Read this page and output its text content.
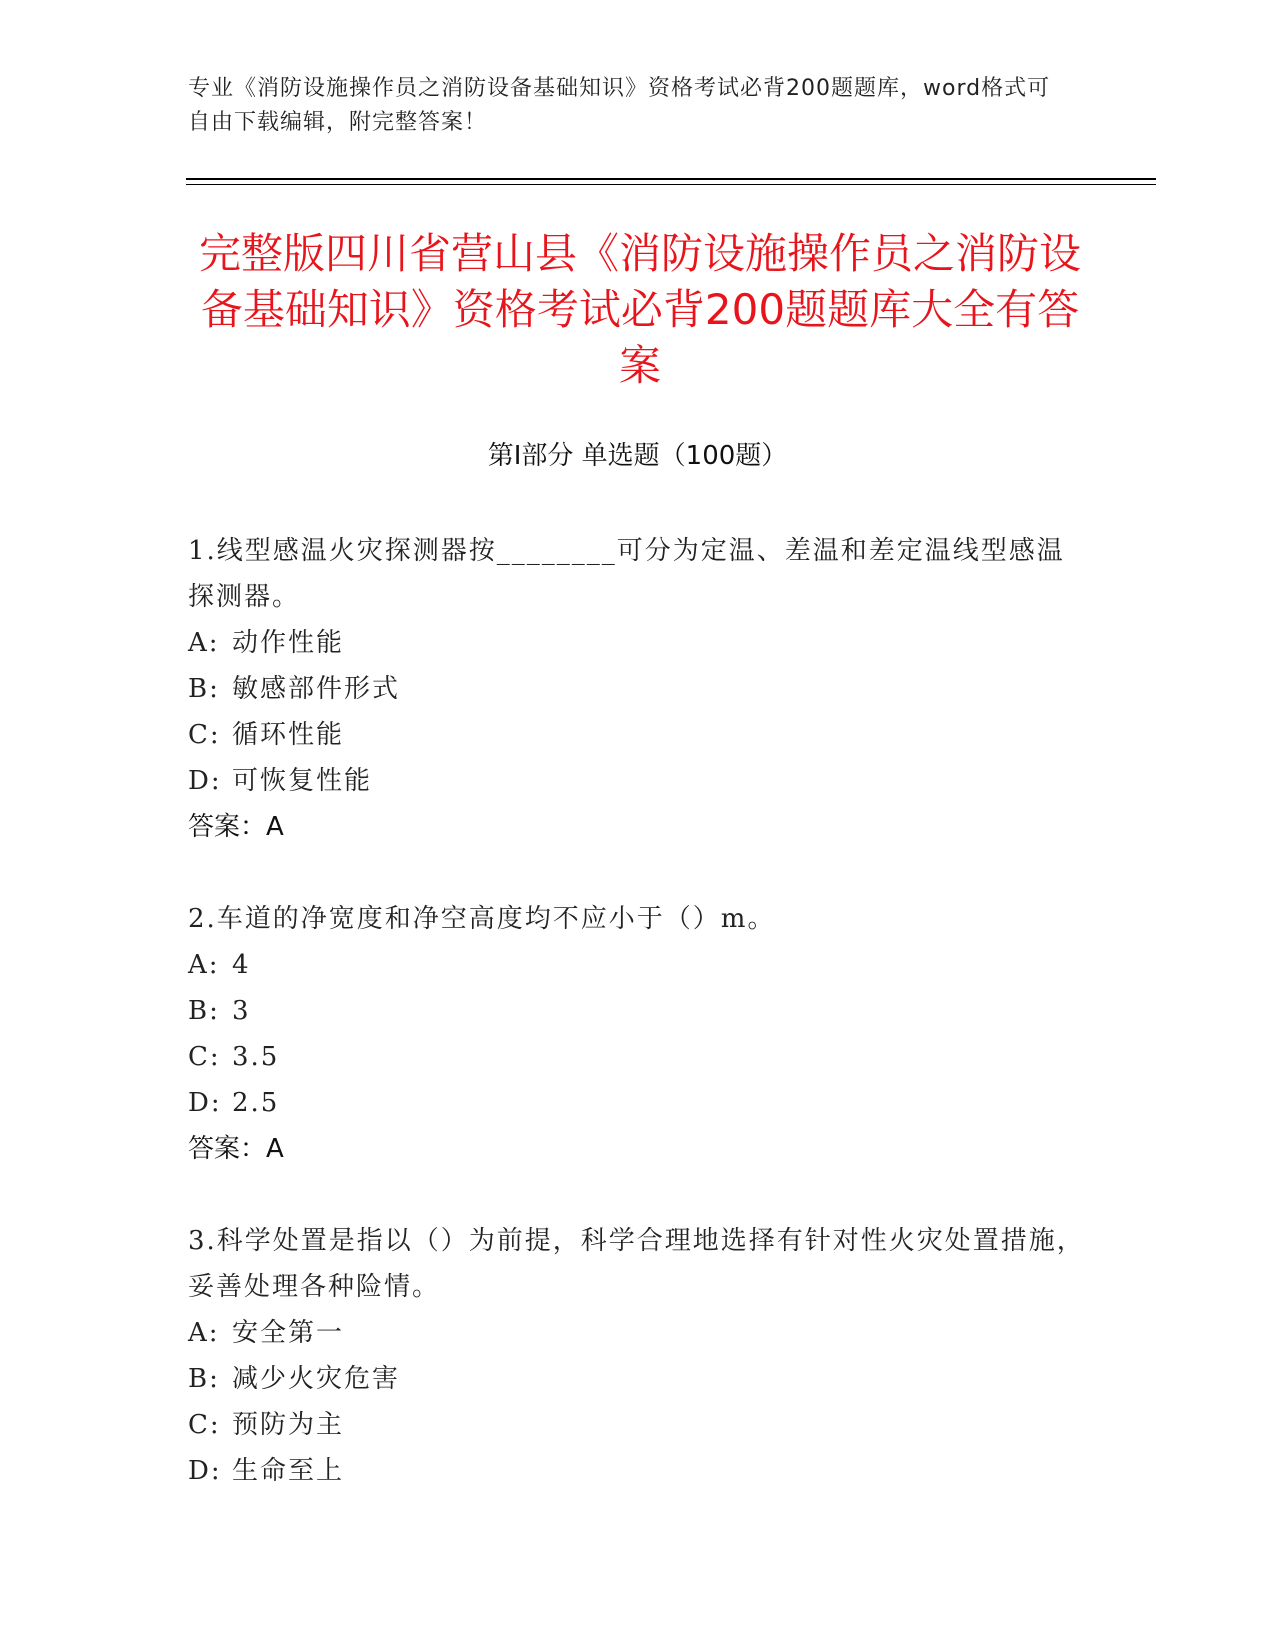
专业《消防设施操作员之消防设备基础知识》资格考试必背200题题库，word格式可自由下载编辑，附完整答案！
完整版四川省营山县《消防设施操作员之消防设备基础知识》资格考试必背200题题库大全有答案
第I部分 单选题（100题）
1.线型感温火灾探测器按________可分为定温、差温和差定温线型感温探测器。
A: 动作性能
B: 敏感部件形式
C: 循环性能
D: 可恢复性能
答案：A
2.车道的净宽度和净空高度均不应小于（）m。
A: 4
B: 3
C: 3.5
D: 2.5
答案：A
3.科学处置是指以（）为前提，科学合理地选择有针对性火灾处置措施，妥善处理各种险情。
A: 安全第一
B: 减少火灾危害
C: 预防为主
D: 生命至上
